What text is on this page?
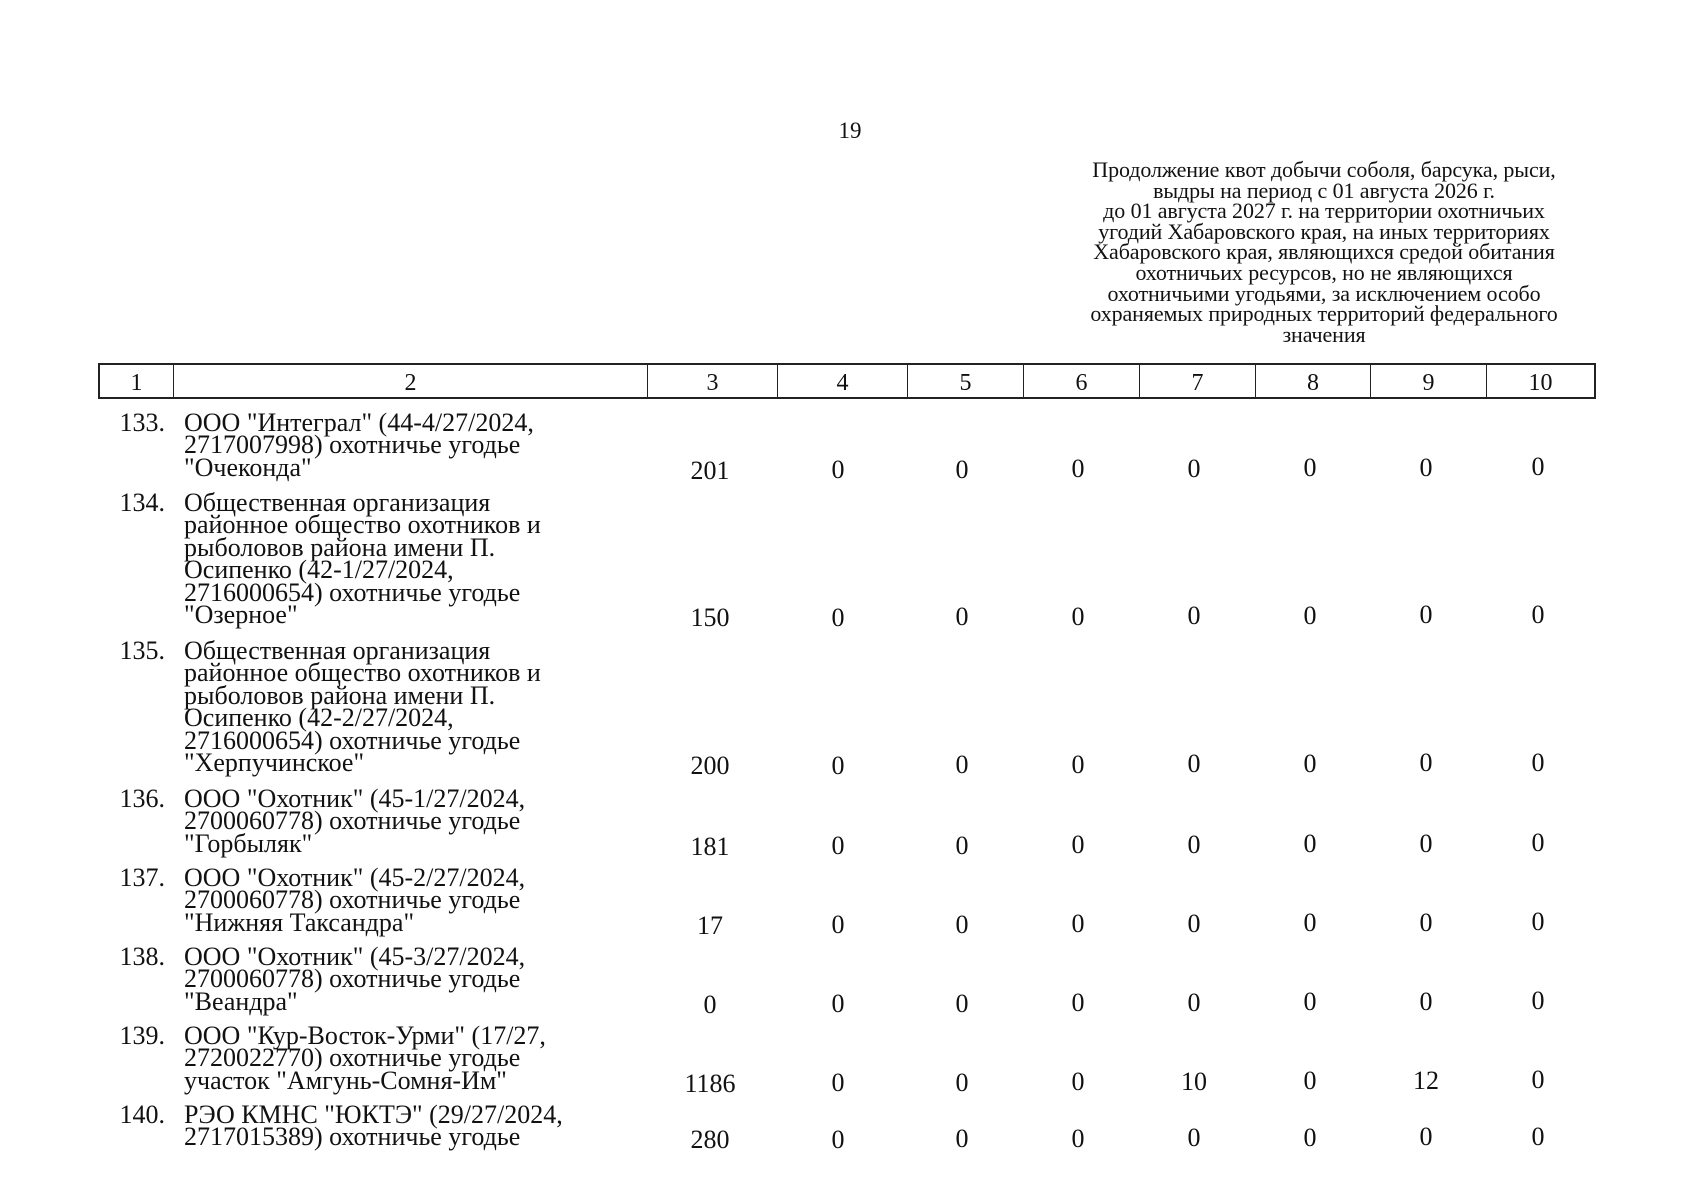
19
Продолжение квот добычи соболя, барсука, рыси,
выдры на период с 01 августа 2026 г.
до 01 августа 2027 г. на территории охотничьих
угодий Хабаровского края, на иных территориях
Хабаровского края, являющихся средой обитания
охотничьих ресурсов, но не являющихся
охотничьими угодьями, за исключением особо
охраняемых природных территорий федерального
значения
1	2	3	4	5	6	7	8	9	10
133. ООО "Интеграл" (44-4/27/2024,
2717007998) охотничье угодье
"Очеконда"	201	0	0	0	0	0	0	0
134. Общественная организация
районное общество охотников и
рыболовов района имени П.
Осипенко (42-1/27/2024,
2716000654) охотничье угодье
"Озерное"	150	0	0	0	0	0	0	0
135. Общественная организация
районное общество охотников и
рыболовов района имени П.
Осипенко (42-2/27/2024,
2716000654) охотничье угодье
"Херпучинское"	200	0	0	0	0	0	0	0
136. ООО "Охотник" (45-1/27/2024,
2700060778) охотничье угодье
"Горбыляк"	181	0	0	0	0	0	0	0
137. ООО "Охотник" (45-2/27/2024,
2700060778) охотничье угодье
"Нижняя Таксандра"	17	0	0	0	0	0	0	0
138. ООО "Охотник" (45-3/27/2024,
2700060778) охотничье угодье
"Веандра"	0	0	0	0	0	0	0	0
139. ООО "Кур-Восток-Урми" (17/27,
2720022770) охотничье угодье
участок "Амгунь-Сомня-Им"	1186	0	0	0	10	0	12	0
140. РЭО КМНС "ЮКТЭ" (29/27/2024,
2717015389) охотничье угодье	280	0	0	0	0	0	0	0
